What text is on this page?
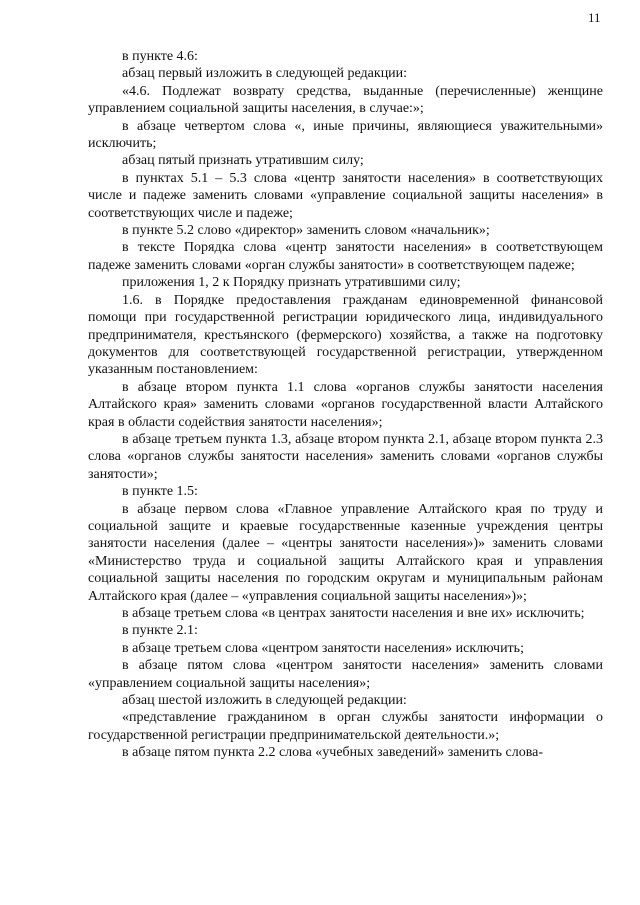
11

в пункте 4.6:

абзац первый изложить в следующей редакции:

«4.6. Подлежат возврату средства, выданные (перечисленные) женщине управлением социальной защиты населения, в случае:»;

в абзаце четвертом слова «, иные причины, являющиеся уважительными» исключить;

абзац пятый признать утратившим силу;

в пунктах 5.1 – 5.3 слова «центр занятости населения» в соответствующих числе и падеже заменить словами «управление социальной защиты населения» в соответствующих числе и падеже;

в пункте 5.2 слово «директор» заменить словом «начальник»;

в тексте Порядка слова «центр занятости населения» в соответствующем падеже заменить словами «орган службы занятости» в соответствующем падеже;

приложения 1, 2 к Порядку признать утратившими силу;

1.6. в Порядке предоставления гражданам единовременной финансовой помощи при государственной регистрации юридического лица, индивидуального предпринимателя, крестьянского (фермерского) хозяйства, а также на подготовку документов для соответствующей государственной регистрации, утвержденном указанным постановлением:

в абзаце втором пункта 1.1 слова «органов службы занятости населения Алтайского края» заменить словами «органов государственной власти Алтайского края в области содействия занятости населения»;

в абзаце третьем пункта 1.3, абзаце втором пункта 2.1, абзаце втором пункта 2.3 слова «органов службы занятости населения» заменить словами «органов службы занятости»;

в пункте 1.5:

в абзаце первом слова «Главное управление Алтайского края по труду и социальной защите и краевые государственные казенные учреждения центры занятости населения (далее – «центры занятости населения»)» заменить словами «Министерство труда и социальной защиты Алтайского края и управления социальной защиты населения по городским округам и муниципальным районам Алтайского края (далее – «управления социальной защиты населения»)»;

в абзаце третьем слова «в центрах занятости населения и вне их» исключить;

в пункте 2.1:

в абзаце третьем слова «центром занятости населения» исключить;

в абзаце пятом слова «центром занятости населения» заменить словами «управлением социальной защиты населения»;

абзац шестой изложить в следующей редакции:

«представление гражданином в орган службы занятости информации о государственной регистрации предпринимательской деятельности.»;

в абзаце пятом пункта 2.2 слова «учебных заведений» заменить слова-
